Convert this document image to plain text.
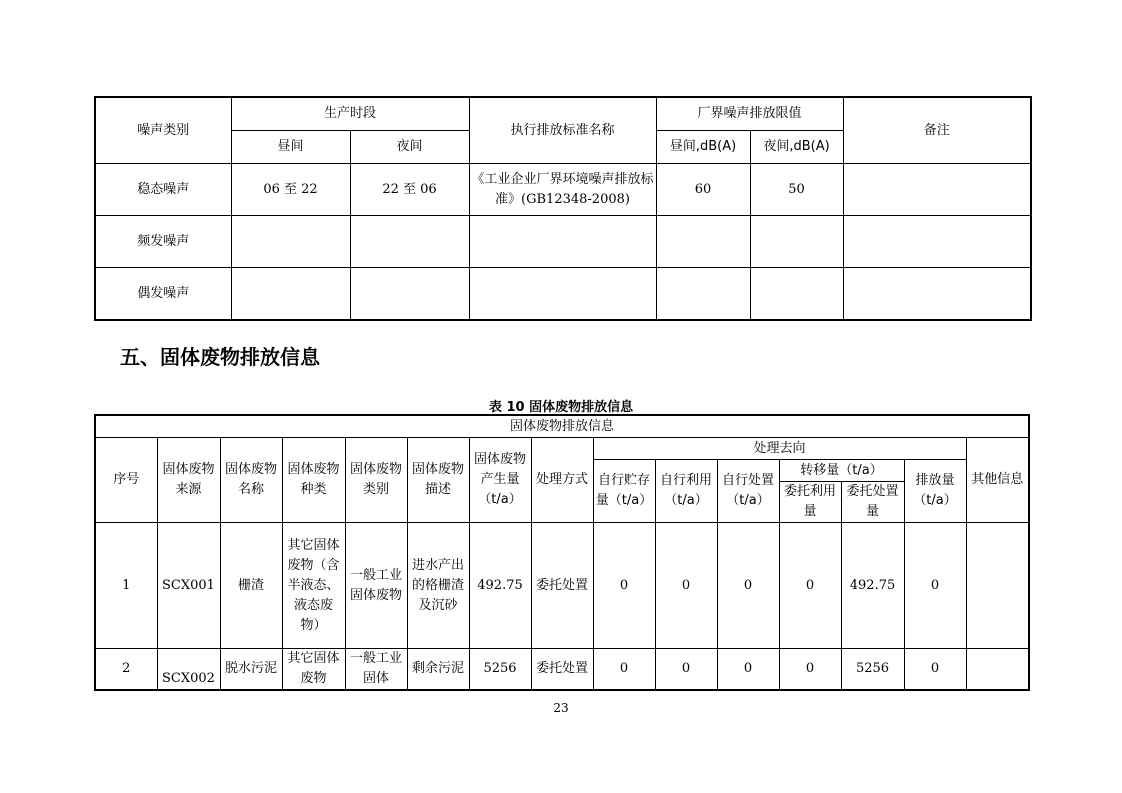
噪声类别	生产时段		执行排放标准名称	厂界噪声排放限值		备注
	昼间	夜间		昼间,dB(A)	夜间,dB(A)	
稳态噪声	06 至 22	22 至 06	《工业企业厂界环境噪声排放标准》(GB12348-2008)	60	50	
频发噪声						
偶发噪声						
五、固体废物排放信息
表 10 固体废物排放信息
固体废物排放信息														
序号	固体废物来源	固体废物名称	固体废物种类	固体废物类别	固体废物描述	固体废物产生量（t/a）	处理方式	处理去向						其他信息
								自行贮存量（t/a）	自行利用（t/a）	自行处置（t/a）	转移量（t/a）		排放量（t/a）	
											委托利用量	委托处置量		
1	SCX001	栅渣	其它固体废物（含半液态、液态废物）	一般工业固体废物	进水产出的格栅渣及沉砂	492.75	委托处置	0	0	0	0	492.75	0	
2	SCX002	脱水污泥	其它固体废物	一般工业固体	剩余污泥	5256	委托处置	0	0	0	0	5256	0	
23
